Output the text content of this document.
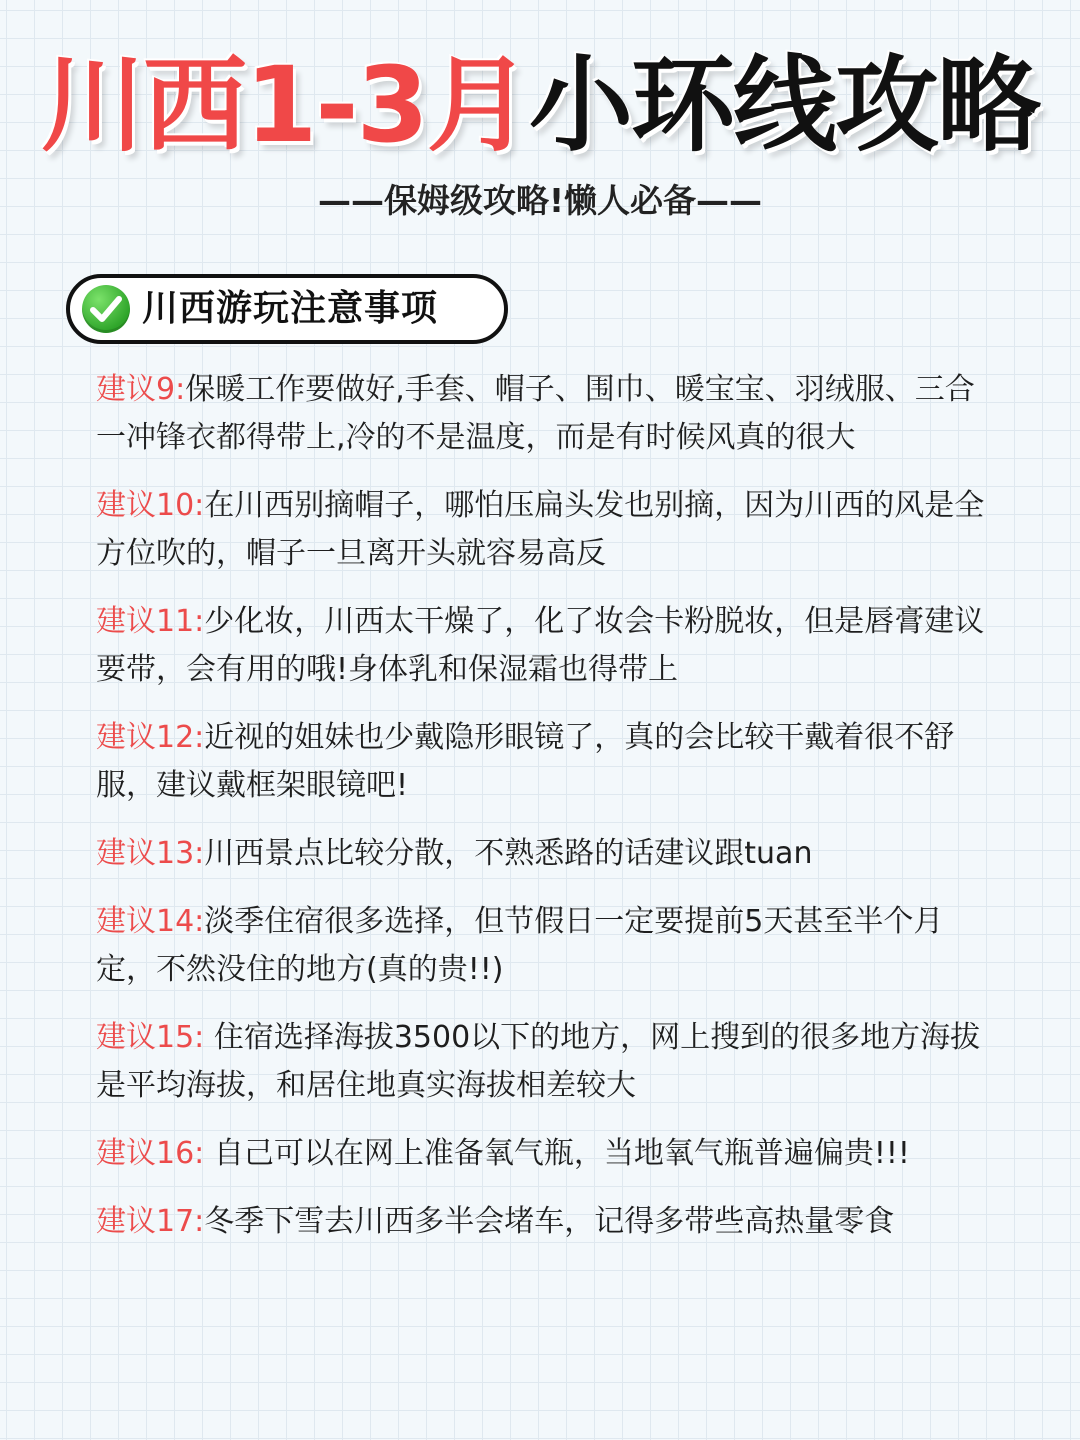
川西1-3月小环线攻略
——保姆级攻略!懒人必备——
川西游玩注意事项
建议9:保暖工作要做好,手套、帽子、围巾、暖宝宝、羽绒服、三合一冲锋衣都得带上,冷的不是温度，而是有时候风真的很大
建议10:在川西别摘帽子，哪怕压扁头发也别摘，因为川西的风是全方位吹的，帽子一旦离开头就容易高反
建议11:少化妆，川西太干燥了，化了妆会卡粉脱妆，但是唇膏建议要带，会有用的哦!身体乳和保湿霜也得带上
建议12:近视的姐妹也少戴隐形眼镜了，真的会比较干戴着很不舒服，建议戴框架眼镜吧!
建议13:川西景点比较分散，不熟悉路的话建议跟tuan
建议14:淡季住宿很多选择，但节假日一定要提前5天甚至半个月定，不然没住的地方(真的贵!!)
建议15: 住宿选择海拔3500以下的地方，网上搜到的很多地方海拔是平均海拔，和居住地真实海拔相差较大
建议16: 自己可以在网上准备氧气瓶，当地氧气瓶普遍偏贵!!!
建议17:冬季下雪去川西多半会堵车，记得多带些高热量零食
